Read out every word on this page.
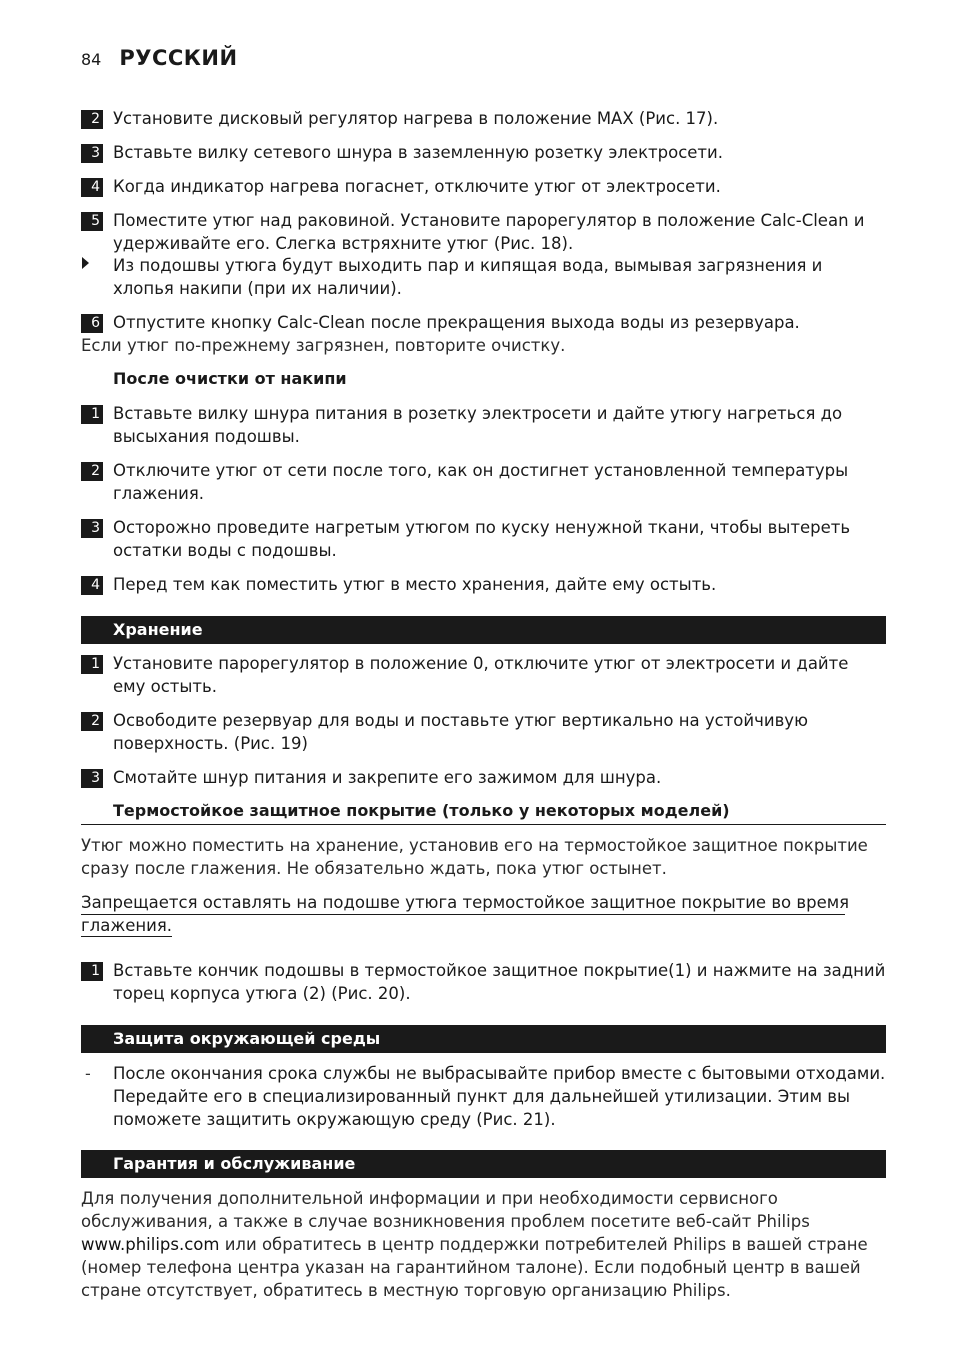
84 РУССКИЙ
2 Установите дисковый регулятор нагрева в положение MAX (Рис. 17).
3 Вставьте вилку сетевого шнура в заземленную розетку электросети.
4 Когда индикатор нагрева погаснет, отключите утюг от электросети.
5 Поместите утюг над раковиной. Установите парорегулятор в положение Calc-Clean и удерживайте его. Слегка встряхните утюг (Рис. 18).
Из подошвы утюга будут выходить пар и кипящая вода, вымывая загрязнения и хлопья накипи (при их наличии).
6 Отпустите кнопку Calc-Clean после прекращения выхода воды из резервуара.
Если утюг по-прежнему загрязнен, повторите очистку.
После очистки от накипи
1 Вставьте вилку шнура питания в розетку электросети и дайте утюгу нагреться до высыхания подошвы.
2 Отключите утюг от сети после того, как он достигнет установленной температуры глажения.
3 Осторожно проведите нагретым утюгом по куску ненужной ткани, чтобы вытереть остатки воды с подошвы.
4 Перед тем как поместить утюг в место хранения, дайте ему остыть.
Хранение
1 Установите парорегулятор в положение 0, отключите утюг от электросети и дайте ему остыть.
2 Освободите резервуар для воды и поставьте утюг вертикально на устойчивую поверхность. (Рис. 19)
3 Смотайте шнур питания и закрепите его зажимом для шнура.
Термостойкое защитное покрытие (только у некоторых моделей)
Утюг можно поместить на хранение, установив его на термостойкое защитное покрытие сразу после глажения. Не обязательно ждать, пока утюг остынет.
Запрещается оставлять на подошве утюга термостойкое защитное покрытие во время
глажения.
1 Вставьте кончик подошвы в термостойкое защитное покрытие(1) и нажмите на задний торец корпуса утюга (2) (Рис. 20).
Защита окружающей среды
- После окончания срока службы не выбрасывайте прибор вместе с бытовыми отходами. Передайте его в специализированный пункт для дальнейшей утилизации. Этим вы поможете защитить окружающую среду (Рис. 21).
Гарантия и обслуживание
Для получения дополнительной информации и при необходимости сервисного обслуживания, а также в случае возникновения проблем посетите веб-сайт Philips www.philips.com или обратитесь в центр поддержки потребителей Philips в вашей стране (номер телефона центра указан на гарантийном талоне). Если подобный центр в вашей стране отсутствует, обратитесь в местную торговую организацию Philips.
